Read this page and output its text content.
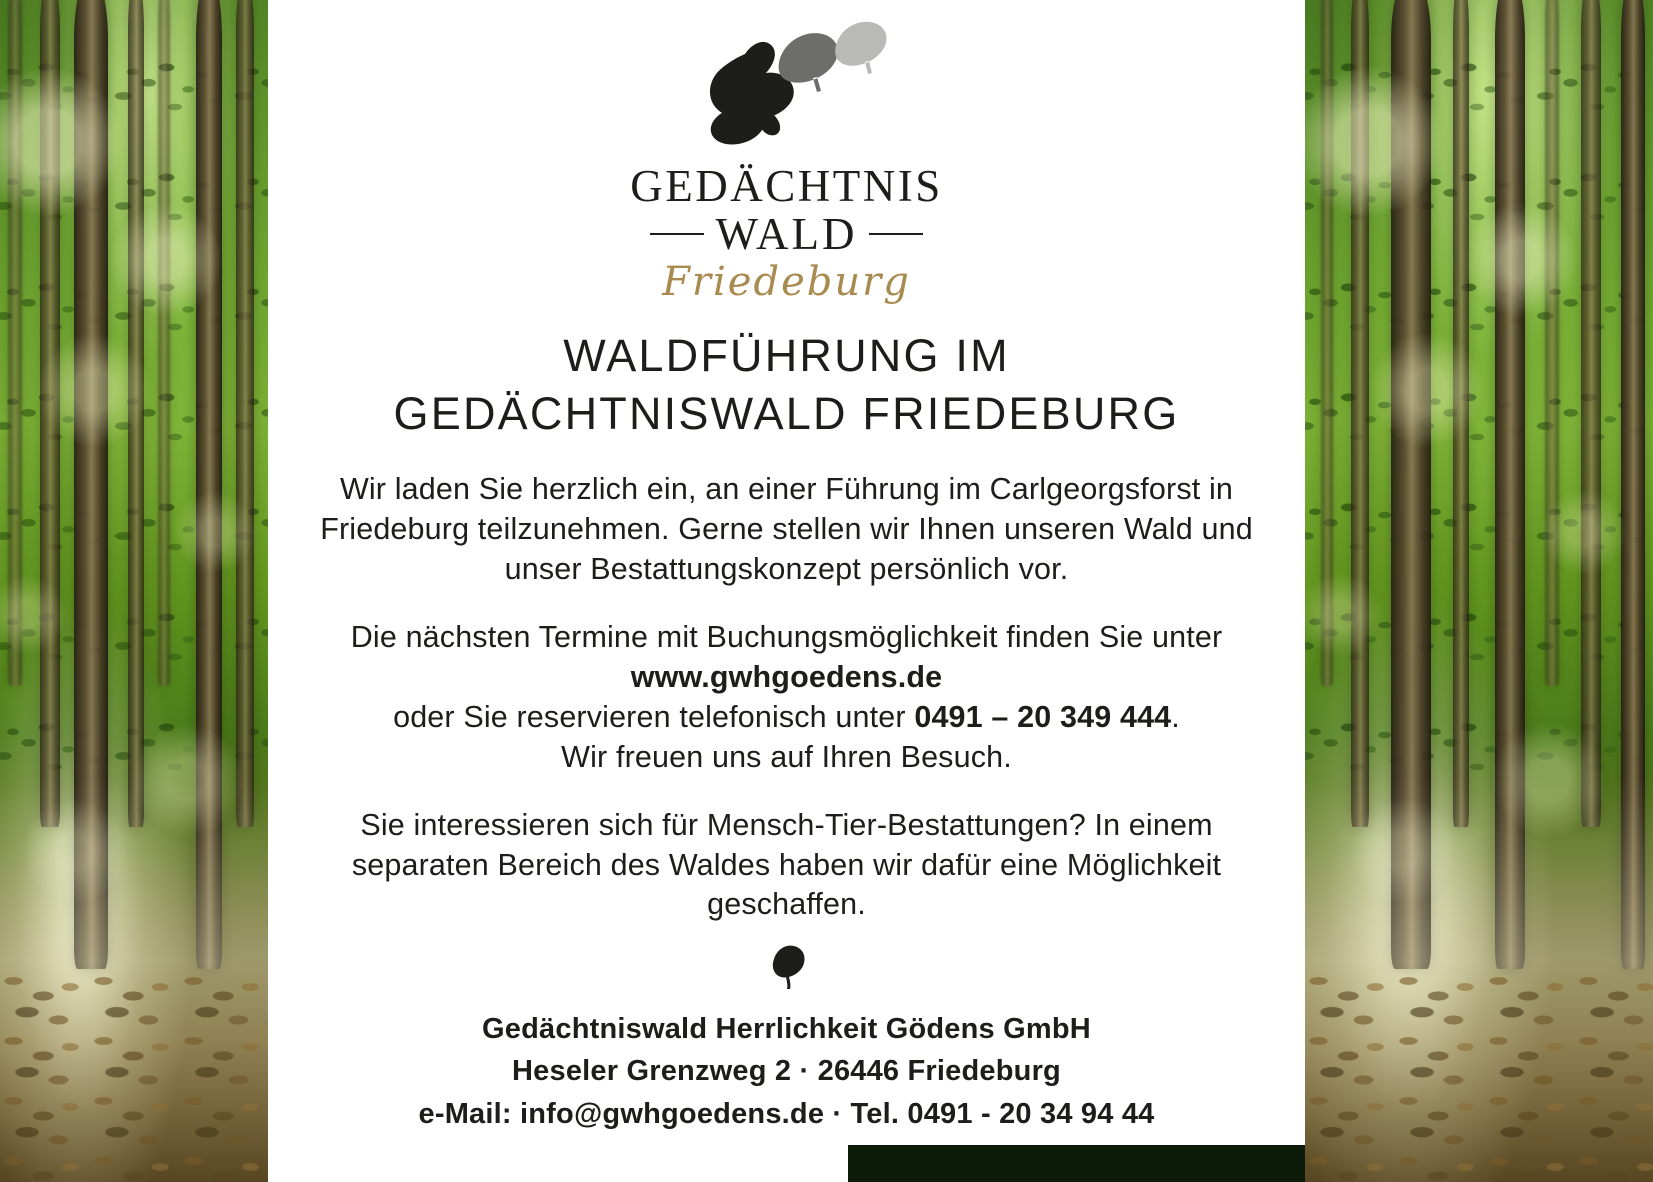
GEDÄCHTNIS
WALD
Friedeburg
WALDFÜHRUNG IM
GEDÄCHTNISWALD FRIEDEBURG

Wir laden Sie herzlich ein, an einer Führung im Carlgeorgsforst in Friedeburg teilzunehmen. Gerne stellen wir Ihnen unseren Wald und unser Bestattungskonzept persönlich vor.

Die nächsten Termine mit Buchungsmöglichkeit finden Sie unter www.gwhgoedens.de
oder Sie reservieren telefonisch unter 0491 – 20 349 444.
Wir freuen uns auf Ihren Besuch.

Sie interessieren sich für Mensch-Tier-Bestattungen? In einem separaten Bereich des Waldes haben wir dafür eine Möglichkeit geschaffen.

Gedächtniswald Herrlichkeit Gödens GmbH
Heseler Grenzweg 2 · 26446 Friedeburg
e-Mail: info@gwhgoedens.de · Tel. 0491 - 20 34 94 44
